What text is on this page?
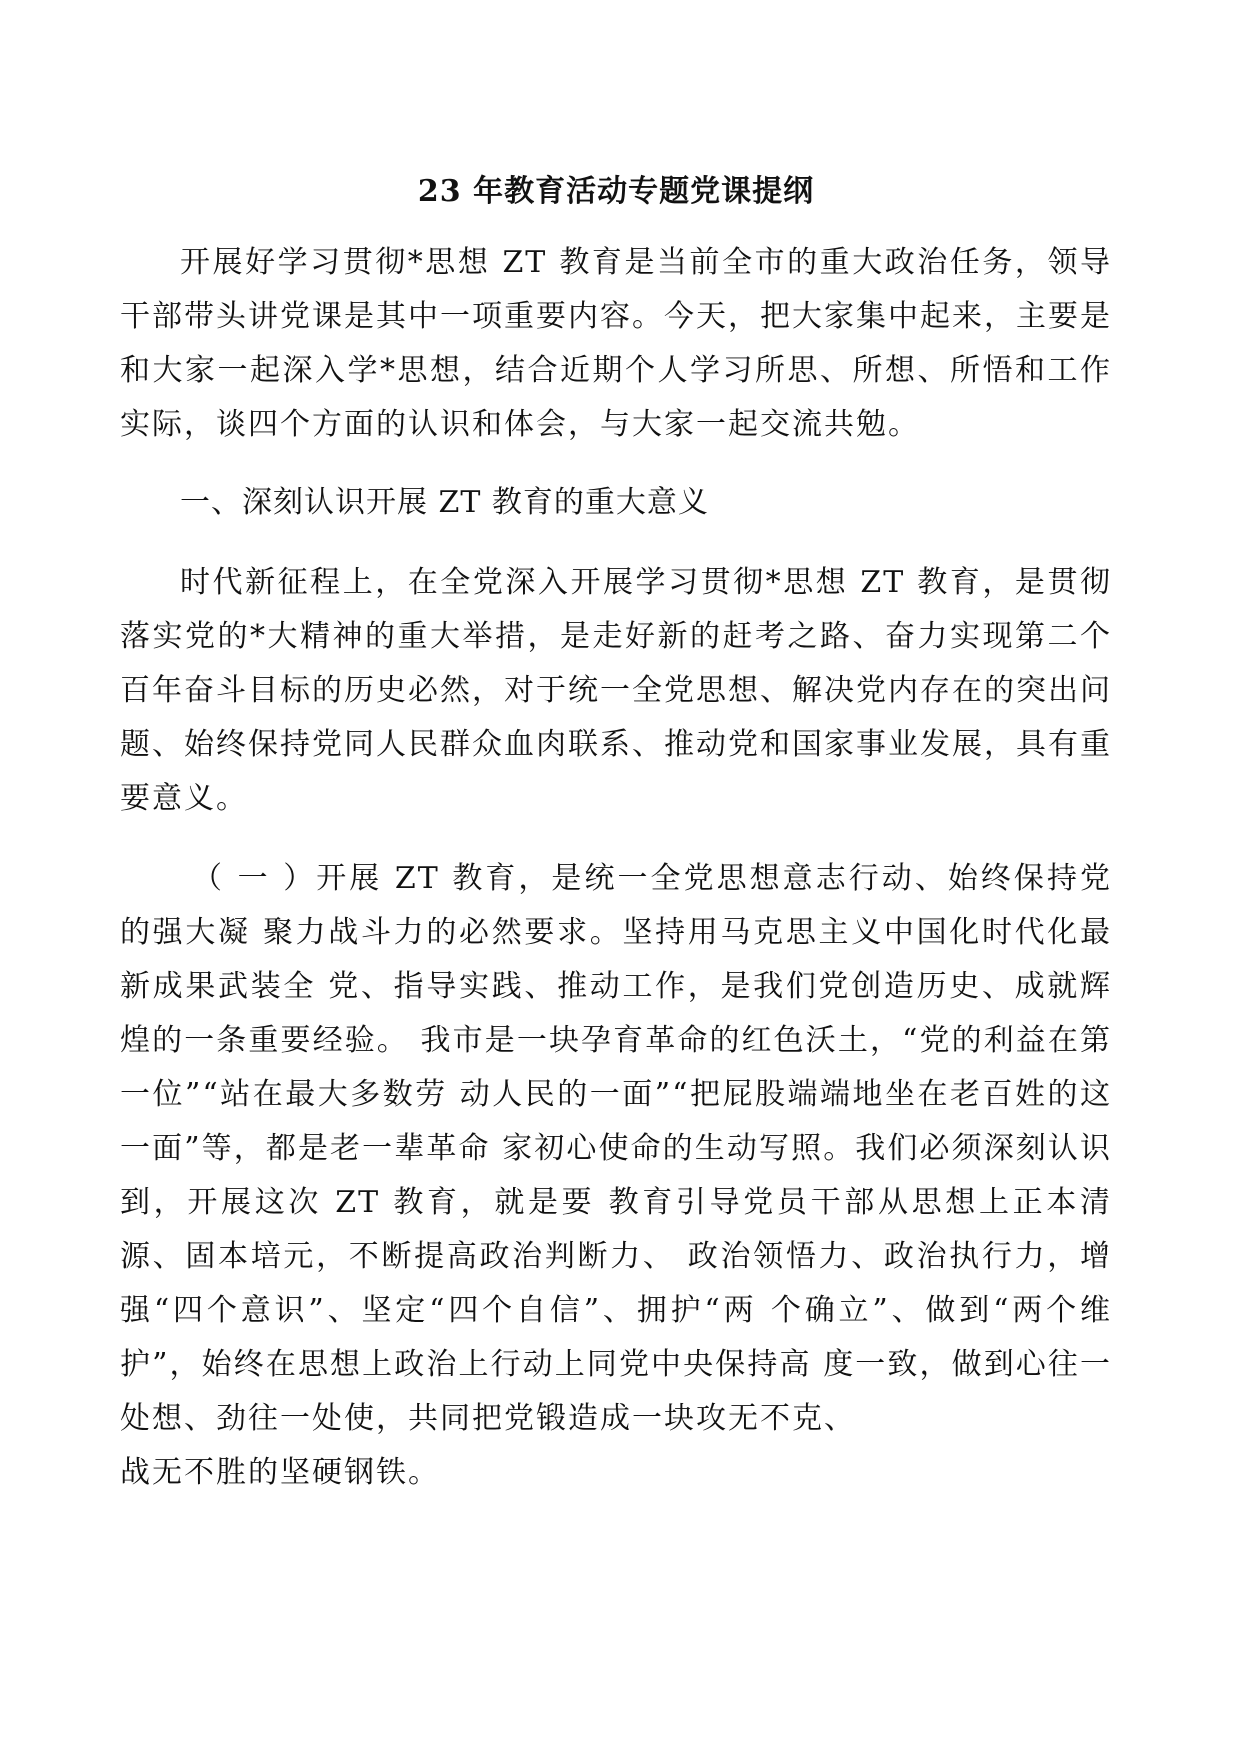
23 年教育活动专题党课提纲

开展好学习贯彻*思想 ZT 教育是当前全市的重大政治任务，领导干部带头讲党课是其中一项重要内容。今天，把大家集中起来，主要是和大家一起深入学*思想，结合近期个人学习所思、所想、所悟和工作实际，谈四个方面的认识和体会，与大家一起交流共勉。

一、深刻认识开展 ZT 教育的重大意义

时代新征程上，在全党深入开展学习贯彻*思想 ZT 教育，是贯彻落实党的*大精神的重大举措，是走好新的赶考之路、奋力实现第二个百年奋斗目标的历史必然，对于统一全党思想、解决党内存在的突出问题、始终保持党同人民群众血肉联系、推动党和国家事业发展，具有重要意义。

（ 一 ）开展 ZT 教育，是统一全党思想意志行动、始终保持党的强大凝 聚力战斗力的必然要求。坚持用马克思主义中国化时代化最新成果武装全 党、指导实践、推动工作，是我们党创造历史、成就辉煌的一条重要经验。 我市是一块孕育革命的红色沃土，“党的利益在第一位”“站在最大多数劳 动人民的一面”“把屁股端端地坐在老百姓的这一面”等，都是老一辈革命 家初心使命的生动写照。我们必须深刻认识到，开展这次 ZT 教育，就是要 教育引导党员干部从思想上正本清源、固本培元，不断提高政治判断力、 政治领悟力、政治执行力，增强“四个意识”、坚定“四个自信”、拥护“两 个确立”、做到“两个维护”，始终在思想上政治上行动上同党中央保持高 度一致，做到心往一处想、劲往一处使，共同把党锻造成一块攻无不克、

战无不胜的坚硬钢铁。
